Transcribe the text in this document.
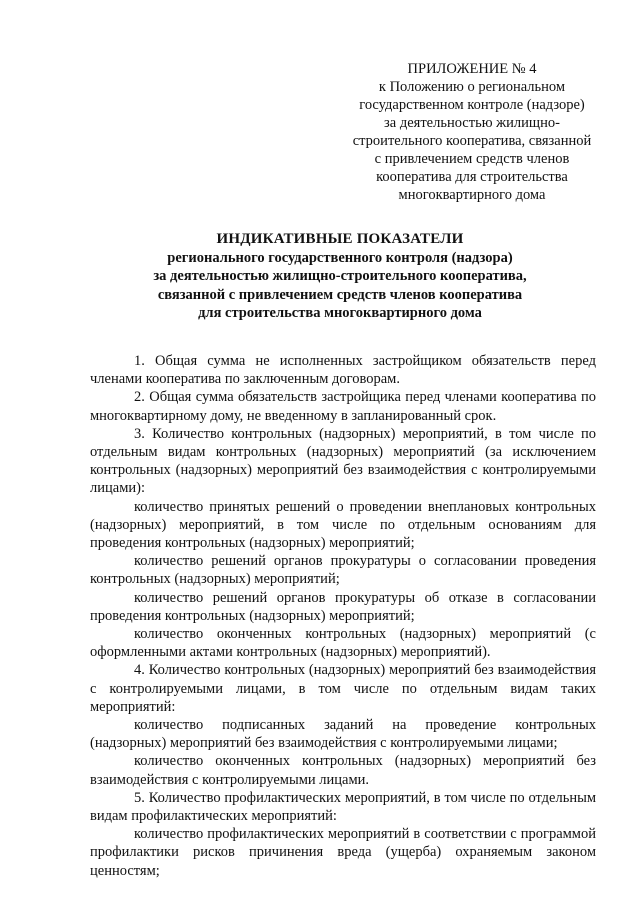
ПРИЛОЖЕНИЕ № 4
к Положению о региональном
государственном контроле (надзоре)
за деятельностью жилищно-
строительного кооператива, связанной
с привлечением средств членов
кооператива для строительства
многоквартирного дома
ИНДИКАТИВНЫЕ ПОКАЗАТЕЛИ
регионального государственного контроля (надзора)
за деятельностью жилищно-строительного кооператива,
связанной с привлечением средств членов кооператива
для строительства многоквартирного дома

1. Общая сумма не исполненных застройщиком обязательств перед членами кооператива по заключенным договорам.

2. Общая сумма обязательств застройщика перед членами кооператива по многоквартирному дому, не введенному в запланированный срок.

3. Количество контрольных (надзорных) мероприятий, в том числе по отдельным видам контрольных (надзорных) мероприятий (за исключением контрольных (надзорных) мероприятий без взаимодействия с контролируемыми лицами):

количество принятых решений о проведении внеплановых контрольных (надзорных) мероприятий, в том числе по отдельным основаниям для проведения контрольных (надзорных) мероприятий;

количество решений органов прокуратуры о согласовании проведения контрольных (надзорных) мероприятий;

количество решений органов прокуратуры об отказе в согласовании проведения контрольных (надзорных) мероприятий;

количество оконченных контрольных (надзорных) мероприятий (с оформленными актами контрольных (надзорных) мероприятий).

4. Количество контрольных (надзорных) мероприятий без взаимодействия с контролируемыми лицами, в том числе по отдельным видам таких мероприятий:

количество подписанных заданий на проведение контрольных (надзорных) мероприятий без взаимодействия с контролируемыми лицами;

количество оконченных контрольных (надзорных) мероприятий без взаимодействия с контролируемыми лицами.

5. Количество профилактических мероприятий, в том числе по отдельным видам профилактических мероприятий:

количество профилактических мероприятий в соответствии с программой профилактики рисков причинения вреда (ущерба) охраняемым законом ценностям;
